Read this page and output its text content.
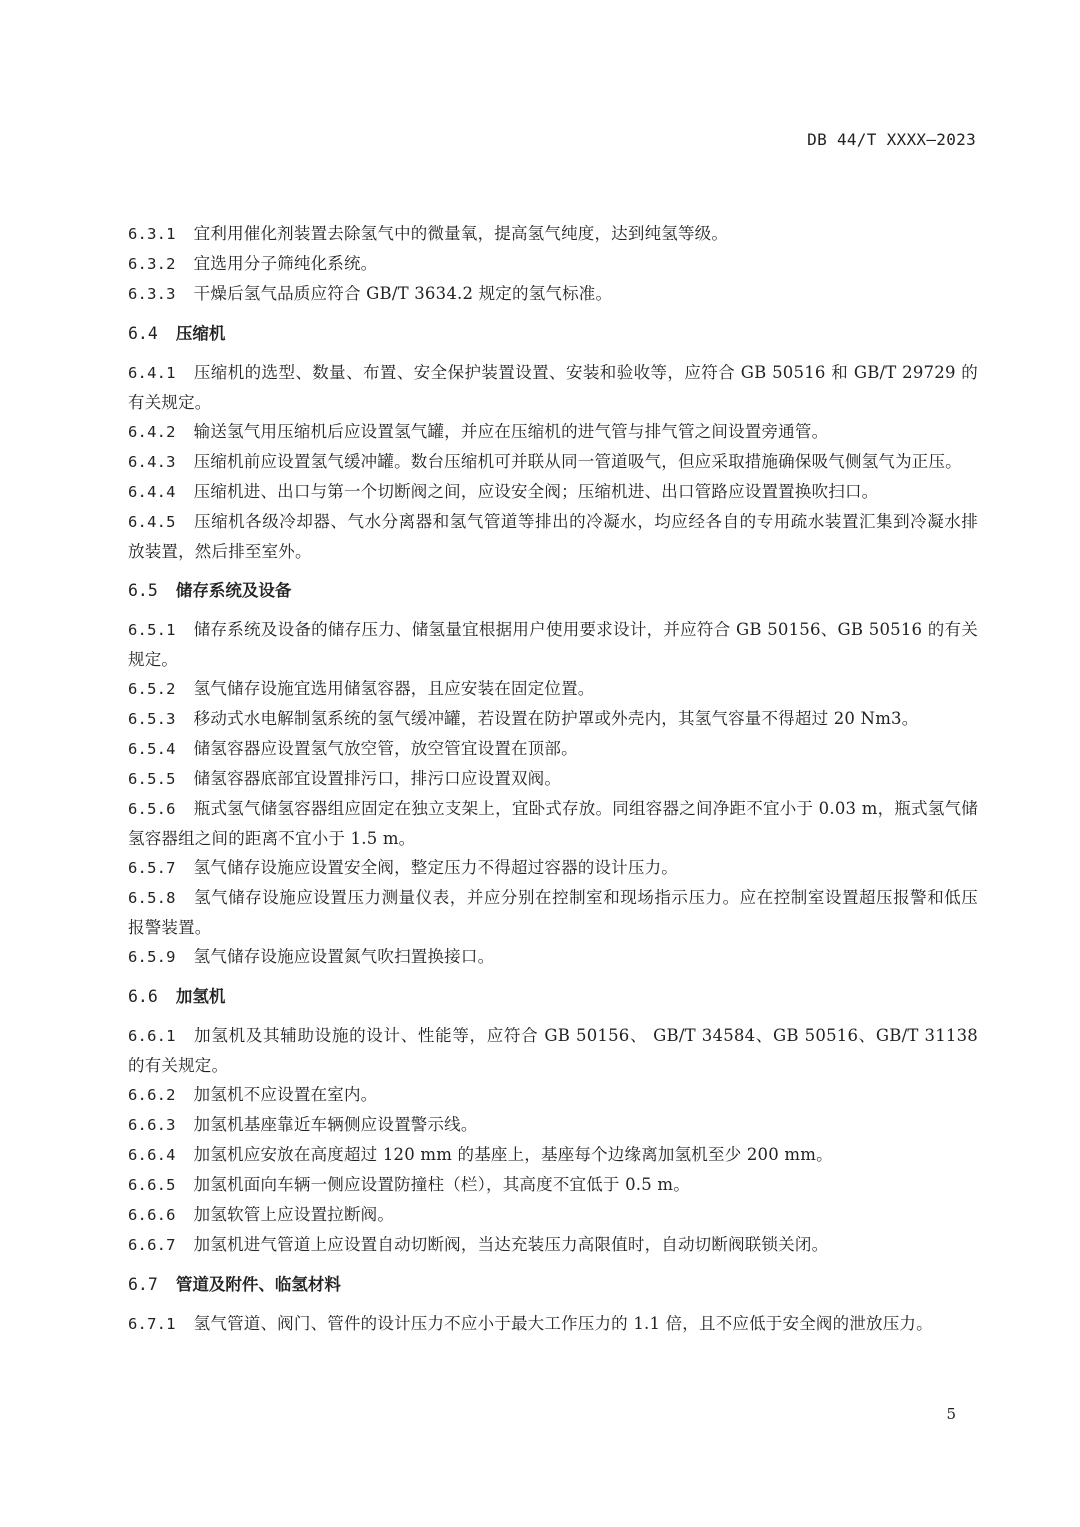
DB 44/T XXXX—2023
6.3.1 宜利用催化剂装置去除氢气中的微量氧，提高氢气纯度，达到纯氢等级。
6.3.2 宜选用分子筛纯化系统。
6.3.3 干燥后氢气品质应符合 GB/T 3634.2 规定的氢气标准。
6.4 压缩机
6.4.1 压缩机的选型、数量、布置、安全保护装置设置、安装和验收等，应符合 GB 50516 和 GB/T 29729 的有关规定。
6.4.2 输送氢气用压缩机后应设置氢气罐，并应在压缩机的进气管与排气管之间设置旁通管。
6.4.3 压缩机前应设置氢气缓冲罐。数台压缩机可并联从同一管道吸气，但应采取措施确保吸气侧氢气为正压。
6.4.4 压缩机进、出口与第一个切断阀之间，应设安全阀；压缩机进、出口管路应设置置换吹扫口。
6.4.5 压缩机各级冷却器、气水分离器和氢气管道等排出的冷凝水，均应经各自的专用疏水装置汇集到冷凝水排放装置，然后排至室外。
6.5 储存系统及设备
6.5.1 储存系统及设备的储存压力、储氢量宜根据用户使用要求设计，并应符合 GB 50156、GB 50516 的有关规定。
6.5.2 氢气储存设施宜选用储氢容器，且应安装在固定位置。
6.5.3 移动式水电解制氢系统的氢气缓冲罐，若设置在防护罩或外壳内，其氢气容量不得超过 20 Nm3。
6.5.4 储氢容器应设置氢气放空管，放空管宜设置在顶部。
6.5.5 储氢容器底部宜设置排污口，排污口应设置双阀。
6.5.6 瓶式氢气储氢容器组应固定在独立支架上，宜卧式存放。同组容器之间净距不宜小于 0.03 m，瓶式氢气储氢容器组之间的距离不宜小于 1.5 m。
6.5.7 氢气储存设施应设置安全阀，整定压力不得超过容器的设计压力。
6.5.8 氢气储存设施应设置压力测量仪表，并应分别在控制室和现场指示压力。应在控制室设置超压报警和低压报警装置。
6.5.9 氢气储存设施应设置氮气吹扫置换接口。
6.6 加氢机
6.6.1 加氢机及其辅助设施的设计、性能等，应符合 GB 50156、 GB/T 34584、GB 50516、GB/T 31138 的有关规定。
6.6.2 加氢机不应设置在室内。
6.6.3 加氢机基座靠近车辆侧应设置警示线。
6.6.4 加氢机应安放在高度超过 120 mm 的基座上，基座每个边缘离加氢机至少 200 mm。
6.6.5 加氢机面向车辆一侧应设置防撞柱（栏），其高度不宜低于 0.5 m。
6.6.6 加氢软管上应设置拉断阀。
6.6.7 加氢机进气管道上应设置自动切断阀，当达充装压力高限值时，自动切断阀联锁关闭。
6.7 管道及附件、临氢材料
6.7.1 氢气管道、阀门、管件的设计压力不应小于最大工作压力的 1.1 倍，且不应低于安全阀的泄放压力。
5
